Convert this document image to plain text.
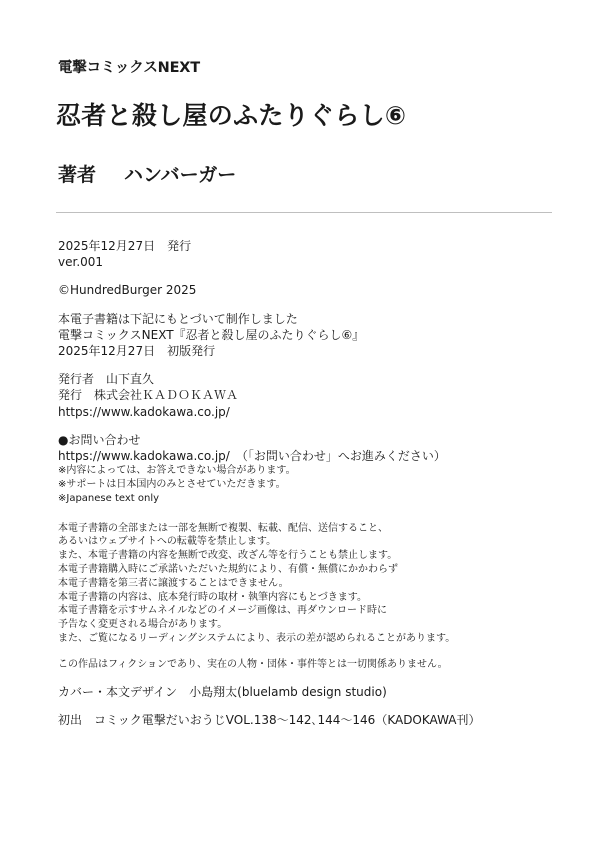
電撃コミックスNEXT
忍者と殺し屋のふたりぐらし⑥
著者 ハンバーガー
2025年12月27日　発行
ver.001
©HundredBurger 2025
本電子書籍は下記にもとづいて制作しました
電撃コミックスNEXT『忍者と殺し屋のふたりぐらし⑥』
2025年12月27日　初版発行
発行者　山下直久
発行　株式会社ＫＡＤＯＫＡＷＡ
https://www.kadokawa.co.jp/
●お問い合わせ
https://www.kadokawa.co.jp/　（「お問い合わせ」へお進みください）
※内容によっては、お答えできない場合があります。
※サポートは日本国内のみとさせていただきます。
※Japanese text only
本電子書籍の全部または一部を無断で複製、転載、配信、送信すること、
あるいはウェブサイトへの転載等を禁止します。
また、本電子書籍の内容を無断で改変、改ざん等を行うことも禁止します。
本電子書籍購入時にご承諾いただいた規約により、有償・無償にかかわらず
本電子書籍を第三者に譲渡することはできません。
本電子書籍の内容は、底本発行時の取材・執筆内容にもとづきます。
本電子書籍を示すサムネイルなどのイメージ画像は、再ダウンロード時に
予告なく変更される場合があります。
また、ご覧になるリーディングシステムにより、表示の差が認められることがあります。
この作品はフィクションであり、実在の人物・団体・事件等とは一切関係ありません。
カバー・本文デザイン　小島翔太(bluelamb design studio)
初出　コミック電撃だいおうじVOL.138〜142､144〜146（KADOKAWA刊）
